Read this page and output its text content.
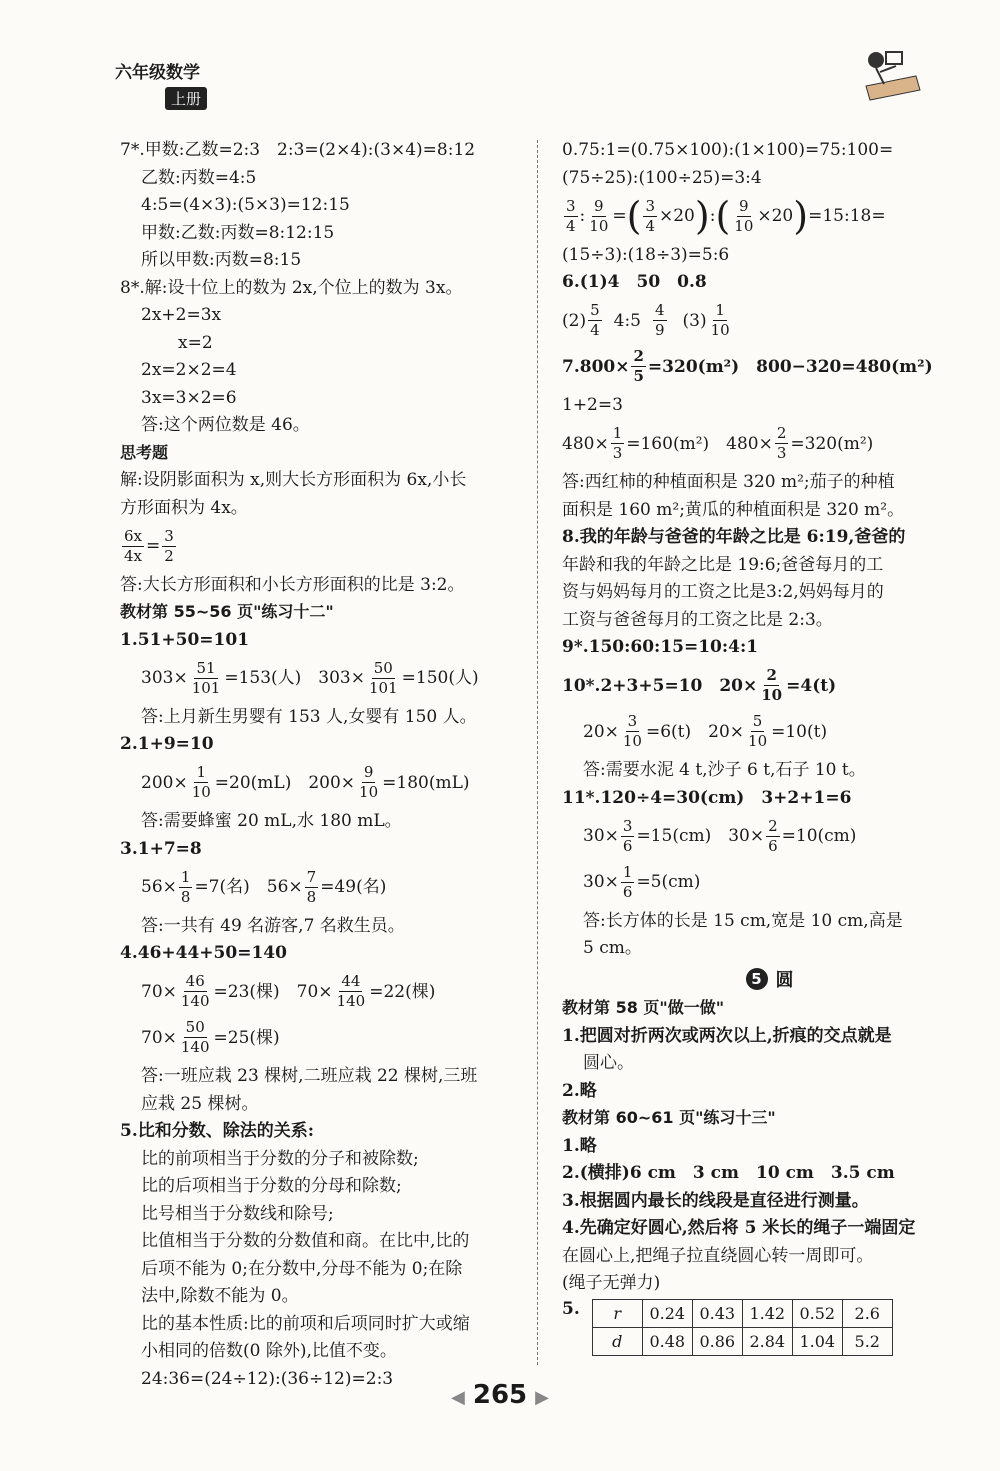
六年级数学
上册
7*.甲数:乙数=2:3　2:3=(2×4):(3×4)=8:12
乙数:丙数=4:5
4:5=(4×3):(5×3)=12:15
甲数:乙数:丙数=8:12:15
所以甲数:丙数=8:15
8*.解:设十位上的数为 2x,个位上的数为 3x。
2x+2=3x
x=2
2x=2×2=4
3x=3×2=6
答:这个两位数是 46。
思考题
解:设阴影面积为 x,则大长方形面积为 6x,小长
方形面积为 4x。
$\frac{6x}{4x} = \frac{3}{2}$
答:大长方形面积和小长方形面积的比是 3:2。
教材第 55~56 页"练习十二"
1.51+50=101
$303\times \frac{51}{101} =153$(人)　$303\times \frac{50}{101} =150$(人)
答:上月新生男婴有 153 人,女婴有 150 人。
2.1+9=10
$200\times \frac{1}{10} =20(mL)$　$200\times \frac{9}{10} =180(mL)$
答:需要蜂蜜 20 mL,水 180 mL。
3.1+7=8
$56\times \frac{1}{8} =7$(名)　$56\times \frac{7}{8} =49$(名)
答:一共有 49 名游客,7 名救生员。
4.46+44+50=140
$70\times \frac{46}{140} =23$(棵)　$70\times \frac{44}{140} =22$(棵)
$70\times \frac{50}{140} =25$(棵)
答:一班应栽 23 棵树,二班应栽 22 棵树,三班
应栽 25 棵树。
5.比和分数、除法的关系:
比的前项相当于分数的分子和被除数;
比的后项相当于分数的分母和除数;
比号相当于分数线和除号;
比值相当于分数的分数值和商。在比中,比的
后项不能为 0;在分数中,分母不能为 0;在除
法中,除数不能为 0。
比的基本性质:比的前项和后项同时扩大或缩
小相同的倍数(0 除外),比值不变。
24:36=(24÷12):(36÷12)=2:3
0.75:1=(0.75×100):(1×100)=75:100=
(75÷25):(100÷25)=3:4
$\frac{3}{4}$ : $\frac{9}{10}$ = ( $\frac{3}{4} \times 20$ ) : ( $\frac{9}{10} \times 20$ ) =15:18=
(15÷3):(18÷3)=5:6
6.(1)4　50　0.8
$(2) \frac{5}{4}$ 4:5 $\frac{4}{9} (3) \frac{1}{10}$
$7.800\times \frac{2}{5} =320(m^2)$　800−320=480(m²)
1+2=3
$480\times \frac{1}{3} =160(m^2)$　$480\times \frac{2}{3} =320(m^2)$
答:西红柿的种植面积是 320 m²;茄子的种植
面积是 160 m²;黄瓜的种植面积是 320 m²。
8.我的年龄与爸爸的年龄之比是 6:19,爸爸的
年龄和我的年龄之比是 19:6;爸爸每月的工
资与妈妈每月的工资之比是3:2,妈妈每月的
工资与爸爸每月的工资之比是 2:3。
9*.150:60:15=10:4:1
10*.2+3+5=10　$20\times \frac{2}{10} =4(t)$
$20\times \frac{3}{10} =6(t)$　$20\times \frac{5}{10} =10(t)$
答:需要水泥 4 t,沙子 6 t,石子 10 t。
11*.120÷4=30(cm)　3+2+1=6
$30\times \frac{3}{6} =15(cm)$　$30\times \frac{2}{6} =10(cm)$
$30\times \frac{1}{6} =5(cm)$
答:长方体的长是 15 cm,宽是 10 cm,高是
5 cm。
5 圆
教材第 58 页"做一做"
1.把圆对折两次或两次以上,折痕的交点就是
圆心。
2.略
教材第 60~61 页"练习十三"
1.略
2.(横排)6 cm　3 cm　10 cm　3.5 cm
3.根据圆内最长的线段是直径进行测量。
4.先确定好圆心,然后将 5 米长的绳子一端固定
在圆心上,把绳子拉直绕圆心转一周即可。
(绳子无弹力)
5. r	0.24	0.43	1.42	0.52	2.6
d	0.48	0.86	2.84	1.04	5.2
◀ 265 ▶
